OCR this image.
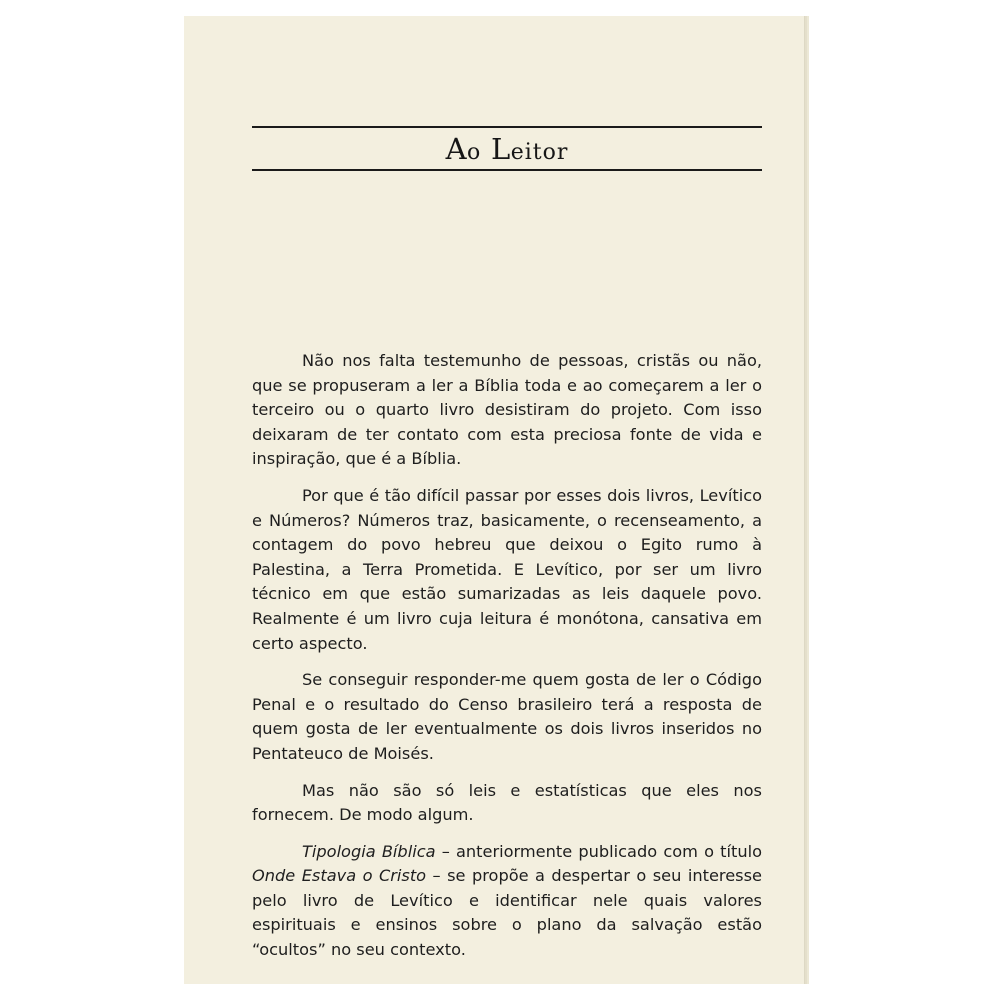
Ao Leitor

Não nos falta testemunho de pessoas, cristãs ou não, que se propuseram a ler a Bíblia toda e ao começarem a ler o terceiro ou o quarto livro desistiram do projeto. Com isso deixaram de ter contato com esta preciosa fonte de vida e inspiração, que é a Bíblia.

Por que é tão difícil passar por esses dois livros, Levítico e Números? Números traz, basicamente, o recenseamento, a contagem do povo hebreu que deixou o Egito rumo à Palestina, a Terra Prometida. E Levítico, por ser um livro técnico em que estão sumarizadas as leis daquele povo. Realmente é um livro cuja leitura é monótona, cansativa em certo aspecto.

Se conseguir responder-me quem gosta de ler o Código Penal e o resultado do Censo brasileiro terá a resposta de quem gosta de ler eventualmente os dois livros inseridos no Pentateuco de Moisés.

Mas não são só leis e estatísticas que eles nos fornecem. De modo algum.

Tipologia Bíblica – anteriormente publicado com o título Onde Estava o Cristo – se propõe a despertar o seu interesse pelo livro de Levítico e identificar nele quais valores espirituais e ensinos sobre o plano da salvação estão “ocultos” no seu contexto.
